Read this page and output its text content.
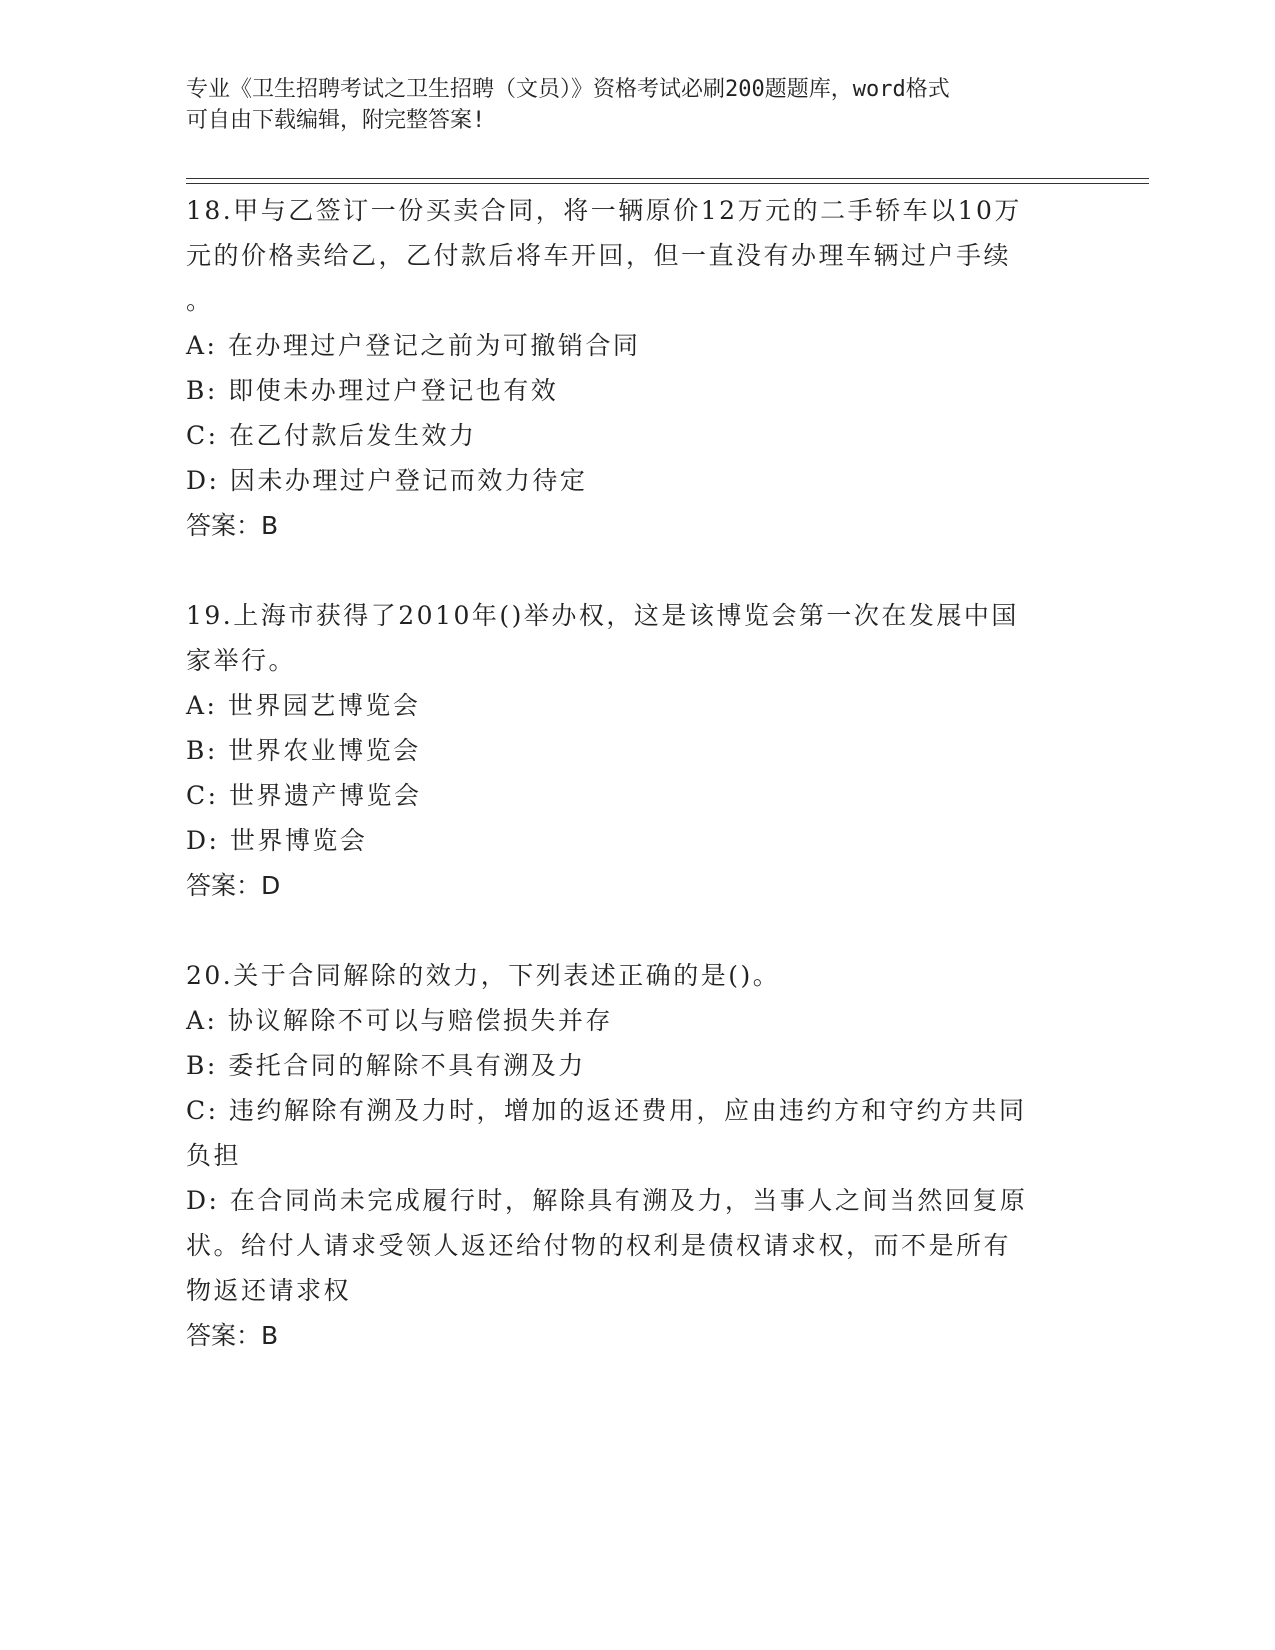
专业《卫生招聘考试之卫生招聘（文员）》资格考试必刷200题题库，word格式
可自由下载编辑，附完整答案!

18.甲与乙签订一份买卖合同，将一辆原价12万元的二手轿车以10万

元的价格卖给乙，乙付款后将车开回，但一直没有办理车辆过户手续

。

A: 在办理过户登记之前为可撤销合同

B: 即使未办理过户登记也有效

C: 在乙付款后发生效力

D: 因未办理过户登记而效力待定

答案：B

19.上海市获得了2010年()举办权，这是该博览会第一次在发展中国

家举行。

A: 世界园艺博览会

B: 世界农业博览会

C: 世界遗产博览会

D: 世界博览会

答案：D

20.关于合同解除的效力，下列表述正确的是()。

A: 协议解除不可以与赔偿损失并存

B: 委托合同的解除不具有溯及力

C: 违约解除有溯及力时，增加的返还费用，应由违约方和守约方共同

负担

D: 在合同尚未完成履行时，解除具有溯及力，当事人之间当然回复原

状。给付人请求受领人返还给付物的权利是债权请求权，而不是所有

物返还请求权

答案：B
